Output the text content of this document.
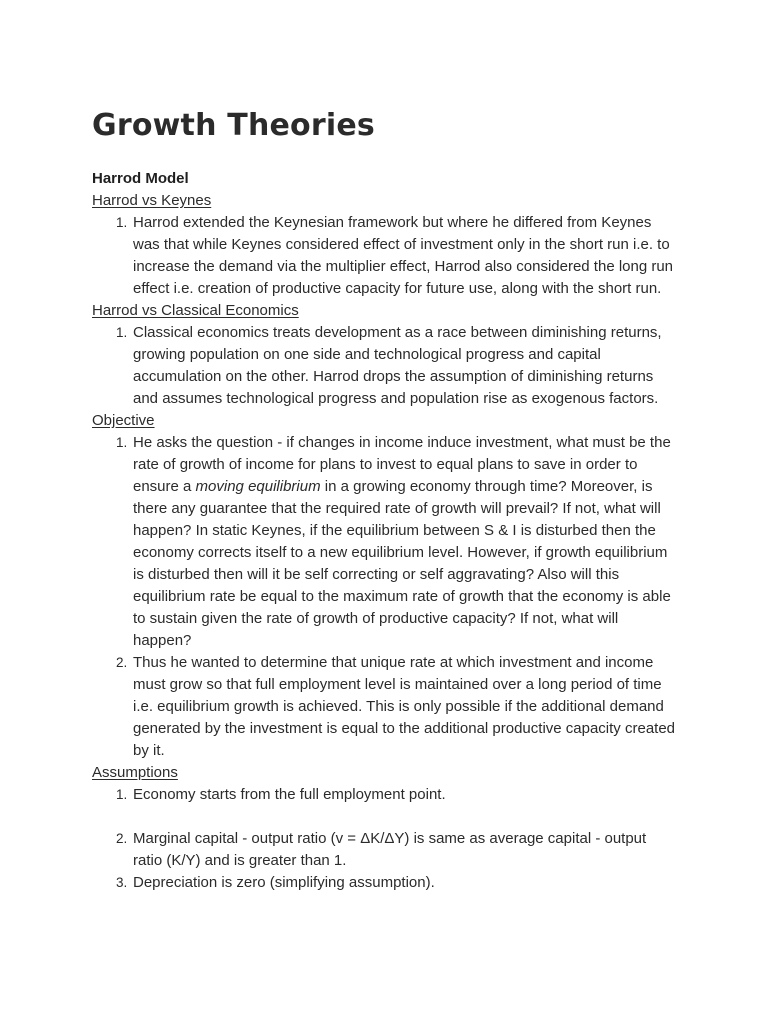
Growth Theories

Harrod Model

Harrod vs Keynes
1. Harrod extended the Keynesian framework but where he differed from Keynes was that while Keynes considered effect of investment only in the short run i.e. to increase the demand via the multiplier effect, Harrod also considered the long run effect i.e. creation of productive capacity for future use, along with the short run.
Harrod vs Classical Economics
1. Classical economics treats development as a race between diminishing returns, growing population on one side and technological progress and capital accumulation on the other. Harrod drops the assumption of diminishing returns and assumes technological progress and population rise as exogenous factors.
Objective
1. He asks the question - if changes in income induce investment, what must be the rate of growth of income for plans to invest to equal plans to save in order to ensure a moving equilibrium in a growing economy through time? Moreover, is there any guarantee that the required rate of growth will prevail? If not, what will happen? In static Keynes, if the equilibrium between S & I is disturbed then the economy corrects itself to a new equilibrium level. However, if growth equilibrium is disturbed then will it be self correcting or self aggravating? Also will this equilibrium rate be equal to the maximum rate of growth that the economy is able to sustain given the rate of growth of productive capacity? If not, what will happen?
2. Thus he wanted to determine that unique rate at which investment and income must grow so that full employment level is maintained over a long period of time i.e. equilibrium growth is achieved. This is only possible if the additional demand generated by the investment is equal to the additional productive capacity created by it.
Assumptions
1. Economy starts from the full employment point.
2. Marginal capital - output ratio (v = ΔK/ΔY) is same as average capital - output ratio (K/Y) and is greater than 1.
3. Depreciation is zero (simplifying assumption).
